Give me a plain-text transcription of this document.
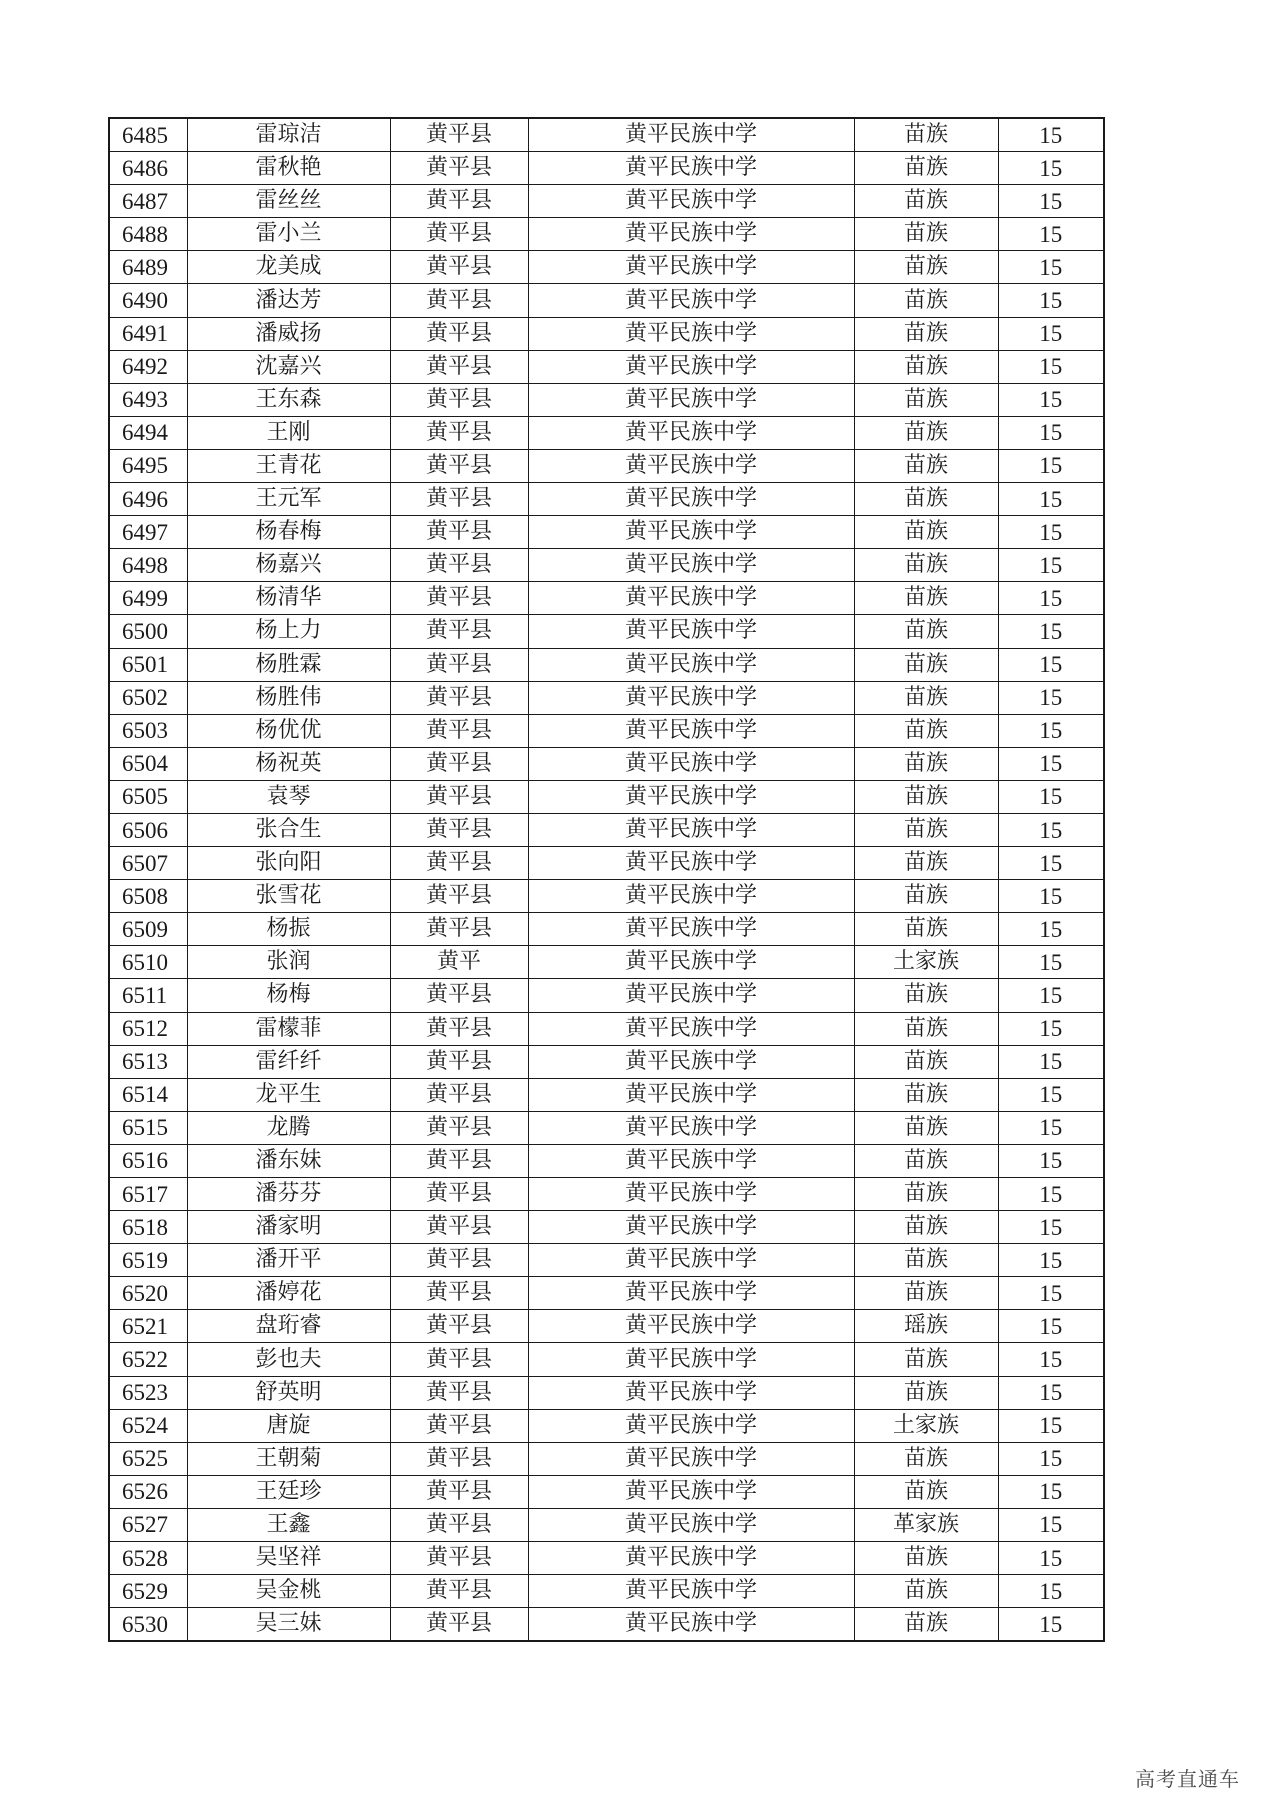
6485	雷琼洁	黄平县	黄平民族中学	苗族	15
6486	雷秋艳	黄平县	黄平民族中学	苗族	15
6487	雷丝丝	黄平县	黄平民族中学	苗族	15
6488	雷小兰	黄平县	黄平民族中学	苗族	15
6489	龙美成	黄平县	黄平民族中学	苗族	15
6490	潘达芳	黄平县	黄平民族中学	苗族	15
6491	潘威扬	黄平县	黄平民族中学	苗族	15
6492	沈嘉兴	黄平县	黄平民族中学	苗族	15
6493	王东森	黄平县	黄平民族中学	苗族	15
6494	王刚	黄平县	黄平民族中学	苗族	15
6495	王青花	黄平县	黄平民族中学	苗族	15
6496	王元军	黄平县	黄平民族中学	苗族	15
6497	杨春梅	黄平县	黄平民族中学	苗族	15
6498	杨嘉兴	黄平县	黄平民族中学	苗族	15
6499	杨清华	黄平县	黄平民族中学	苗族	15
6500	杨上力	黄平县	黄平民族中学	苗族	15
6501	杨胜霖	黄平县	黄平民族中学	苗族	15
6502	杨胜伟	黄平县	黄平民族中学	苗族	15
6503	杨优优	黄平县	黄平民族中学	苗族	15
6504	杨祝英	黄平县	黄平民族中学	苗族	15
6505	袁琴	黄平县	黄平民族中学	苗族	15
6506	张合生	黄平县	黄平民族中学	苗族	15
6507	张向阳	黄平县	黄平民族中学	苗族	15
6508	张雪花	黄平县	黄平民族中学	苗族	15
6509	杨振	黄平县	黄平民族中学	苗族	15
6510	张润	黄平	黄平民族中学	土家族	15
6511	杨梅	黄平县	黄平民族中学	苗族	15
6512	雷檬菲	黄平县	黄平民族中学	苗族	15
6513	雷纤纤	黄平县	黄平民族中学	苗族	15
6514	龙平生	黄平县	黄平民族中学	苗族	15
6515	龙腾	黄平县	黄平民族中学	苗族	15
6516	潘东妹	黄平县	黄平民族中学	苗族	15
6517	潘芬芬	黄平县	黄平民族中学	苗族	15
6518	潘家明	黄平县	黄平民族中学	苗族	15
6519	潘开平	黄平县	黄平民族中学	苗族	15
6520	潘婷花	黄平县	黄平民族中学	苗族	15
6521	盘珩睿	黄平县	黄平民族中学	瑶族	15
6522	彭也夫	黄平县	黄平民族中学	苗族	15
6523	舒英明	黄平县	黄平民族中学	苗族	15
6524	唐旋	黄平县	黄平民族中学	土家族	15
6525	王朝菊	黄平县	黄平民族中学	苗族	15
6526	王廷珍	黄平县	黄平民族中学	苗族	15
6527	王鑫	黄平县	黄平民族中学	革家族	15
6528	吴坚祥	黄平县	黄平民族中学	苗族	15
6529	吴金桃	黄平县	黄平民族中学	苗族	15
6530	吴三妹	黄平县	黄平民族中学	苗族	15
高考直通车
